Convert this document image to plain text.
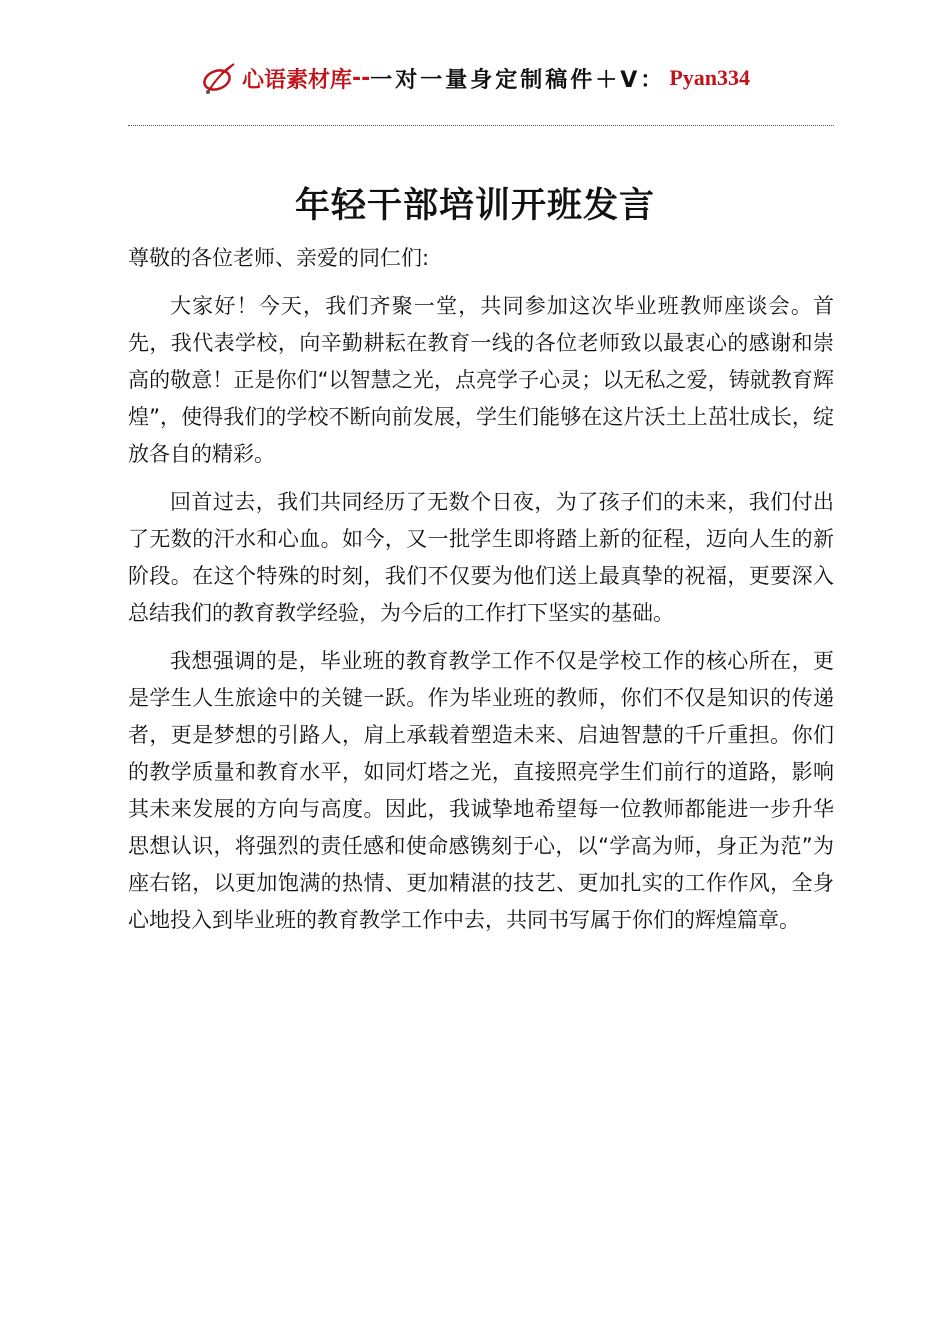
心语素材库 -- 一对一量身定制稿件＋V： Pyan334
年轻干部培训开班发言

尊敬的各位老师、亲爱的同仁们:

大家好！今天，我们齐聚一堂，共同参加这次毕业班教师座谈会。首先，我代表学校，向辛勤耕耘在教育一线的各位老师致以最衷心的感谢和崇高的敬意！正是你们“以智慧之光，点亮学子心灵；以无私之爱，铸就教育辉煌”，使得我们的学校不断向前发展，学生们能够在这片沃土上茁壮成长，绽放各自的精彩。

回首过去，我们共同经历了无数个日夜，为了孩子们的未来，我们付出了无数的汗水和心血。如今，又一批学生即将踏上新的征程，迈向人生的新阶段。在这个特殊的时刻，我们不仅要为他们送上最真挚的祝福，更要深入总结我们的教育教学经验，为今后的工作打下坚实的基础。

我想强调的是，毕业班的教育教学工作不仅是学校工作的核心所在，更是学生人生旅途中的关键一跃。作为毕业班的教师，你们不仅是知识的传递者，更是梦想的引路人，肩上承载着塑造未来、启迪智慧的千斤重担。你们的教学质量和教育水平，如同灯塔之光，直接照亮学生们前行的道路，影响其未来发展的方向与高度。因此，我诚挚地希望每一位教师都能进一步升华思想认识，将强烈的责任感和使命感镌刻于心，以“学高为师，身正为范”为座右铭，以更加饱满的热情、更加精湛的技艺、更加扎实的工作作风，全身心地投入到毕业班的教育教学工作中去，共同书写属于你们的辉煌篇章。
